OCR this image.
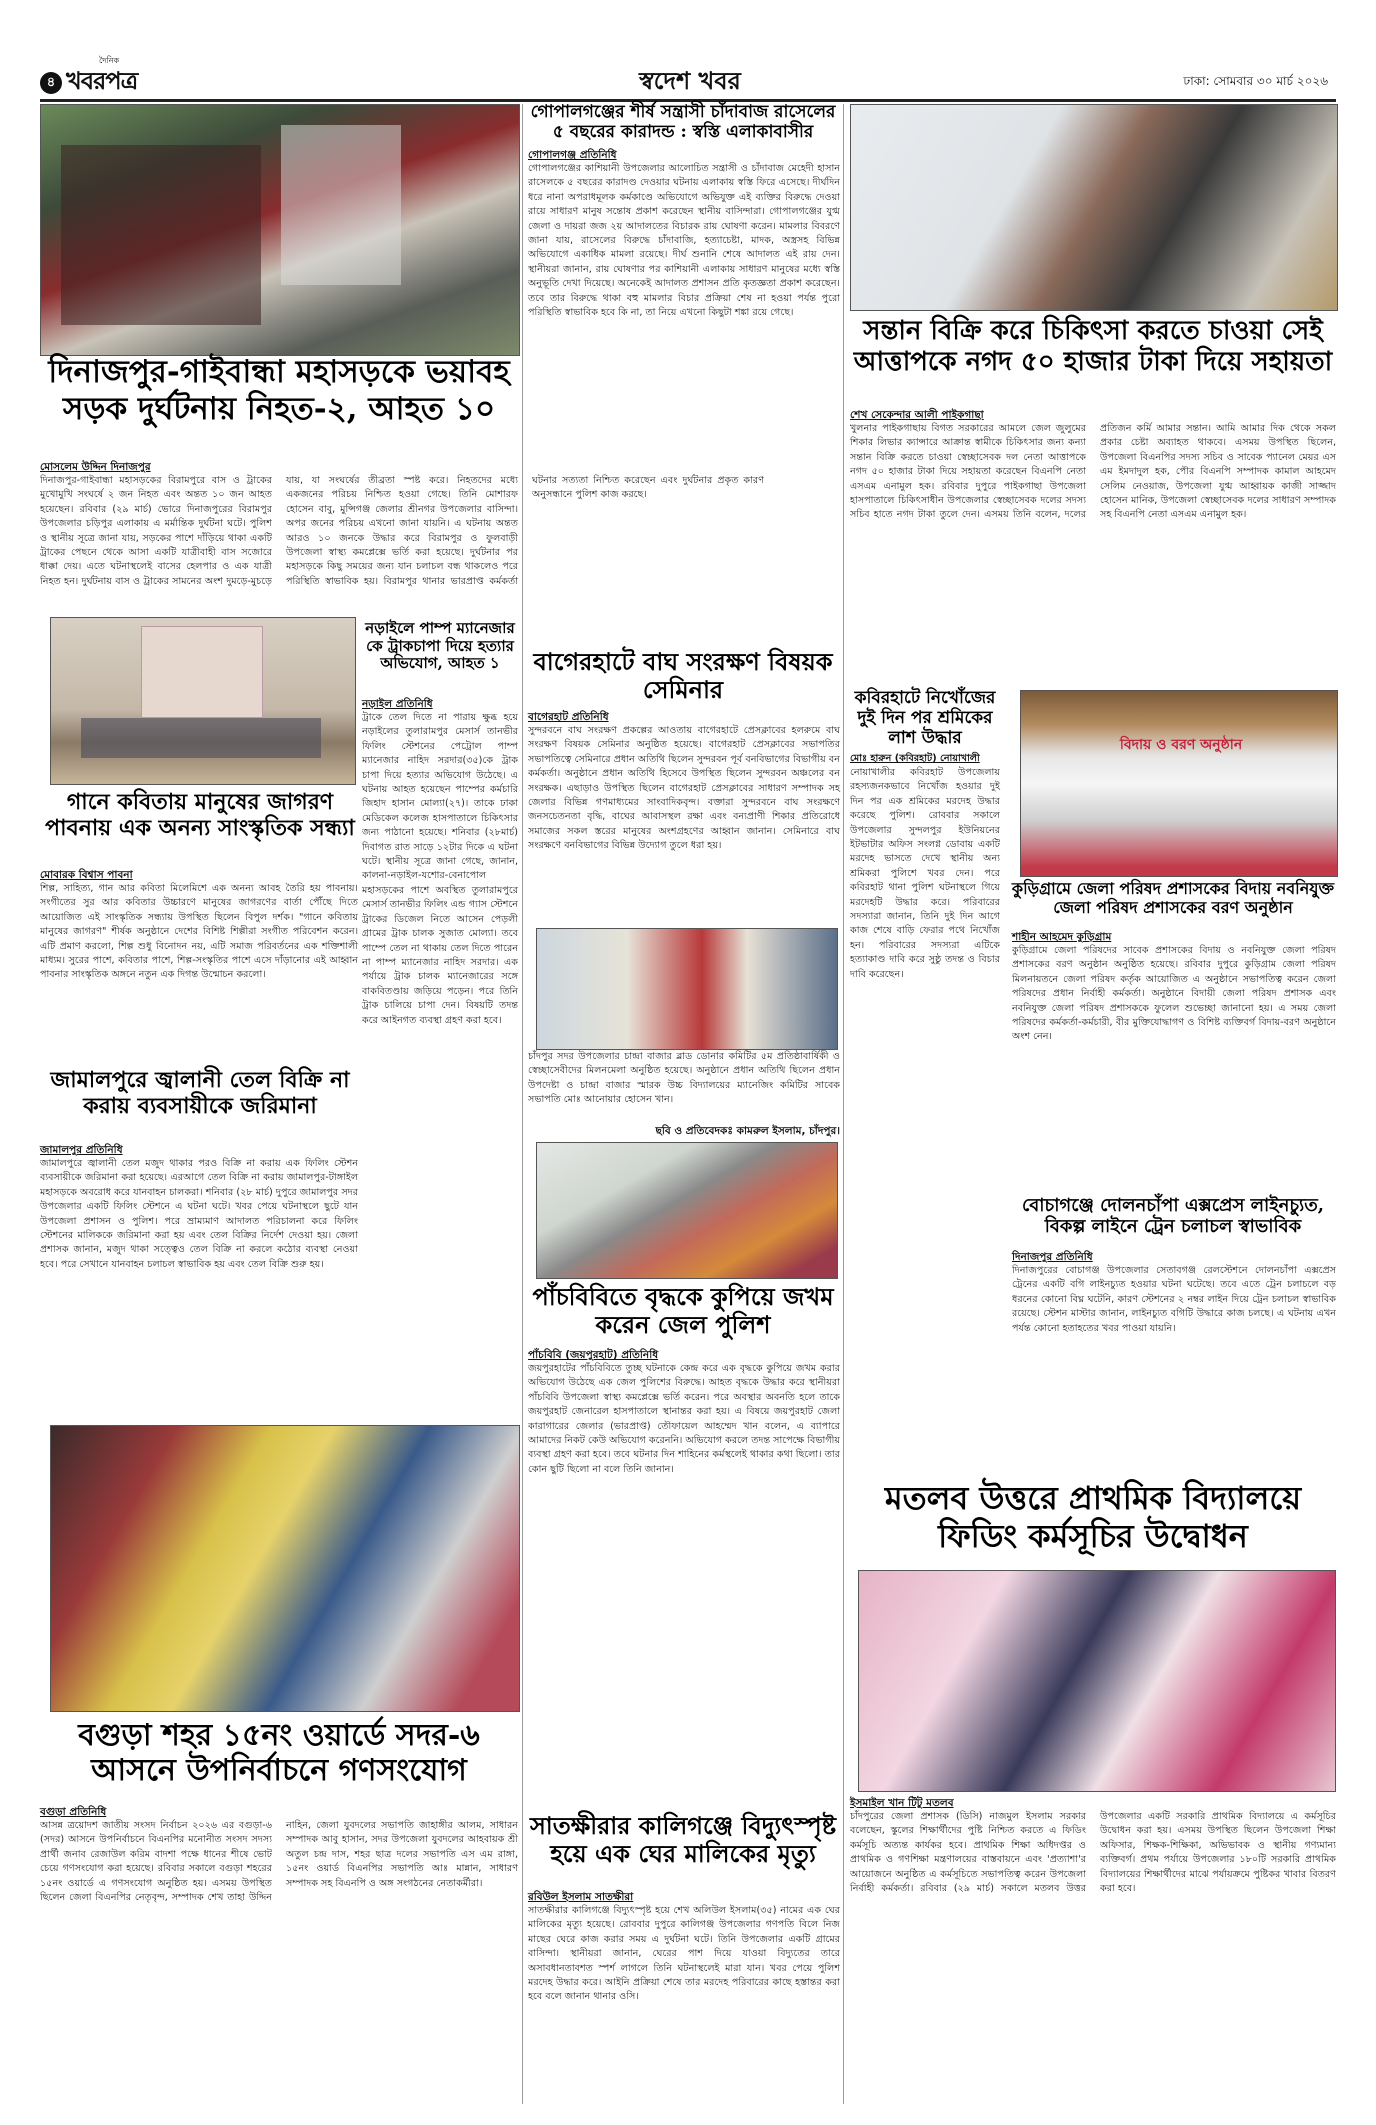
৪
দৈনিক
খবরপত্র	স্বদেশ খবর	ঢাকা: সোমবার ৩০ মার্চ ২০২৬
দিনাজপুর-গাইবান্ধা মহাসড়কে ভয়াবহ সড়ক দুর্ঘটনায় নিহত-২, আহত ১০
মোসলেম উদ্দিন দিনাজপুর
দিনাজপুর-গাইবান্ধা মহাসড়কের বিরামপুরে বাস ও ট্রাকের মুখোমুখি সংঘর্ষে ২ জন নিহত এবং অন্তত ১০ জন আহত হয়েছেন। রবিবার (২৯ মার্চ) ভোরে দিনাজপুরের বিরামপুর উপজেলার চড়িপুর এলাকায় এ মর্মান্তিক দুর্ঘটনা ঘটে। পুলিশ ও স্থানীয় সূত্রে জানা যায়, সড়কের পাশে দাঁড়িয়ে থাকা একটি ট্রাকের পেছনে থেকে আসা একটি যাত্রীবাহী বাস সজোরে ধাক্কা দেয়। এতে ঘটনাস্থলেই বাসের হেলপার ও এক যাত্রী নিহত হন। দুর্ঘটনায় বাস ও ট্রাকের সামনের অংশ দুমড়ে-মুচড়ে যায়, যা সংঘর্ষের তীব্রতা স্পষ্ট করে। নিহতদের মধ্যে একজনের পরিচয় নিশ্চিত হওয়া গেছে। তিনি মোশারফ হোসেন বাবু, মুন্সিগঞ্জ জেলার শ্রীনগর উপজেলার বাসিন্দা। অপর জনের পরিচয় এখনো জানা যায়নি। এ ঘটনায় অন্তত আরও ১০ জনকে উদ্ধার করে বিরামপুর ও ফুলবাড়ী উপজেলা স্বাস্থ্য কমপ্লেক্সে ভর্তি করা হয়েছে। দুর্ঘটনার পর মহাসড়কে কিছু সময়ের জন্য যান চলাচল বন্ধ থাকলেও পরে পরিস্থিতি স্বাভাবিক হয়। বিরামপুর থানার ভারপ্রাপ্ত কর্মকর্তা ঘটনার সত্যতা নিশ্চিত করেছেন এবং দুর্ঘটনার প্রকৃত কারণ অনুসন্ধানে পুলিশ কাজ করছে।
গানে কবিতায় মানুষের জাগরণ পাবনায় এক অনন্য সাংস্কৃতিক সন্ধ্যা
মোবারক বিশ্বাস পাবনা
শিল্প, সাহিত্য, গান আর কবিতা মিলেমিশে এক অনন্য আবহ তৈরি হয় পাবনায়। সংগীতের সুর আর কবিতার উচ্চারণে মানুষের জাগরণের বার্তা পৌঁছে দিতে আয়োজিত এই সাংস্কৃতিক সন্ধ্যায় উপস্থিত ছিলেন বিপুল দর্শক। "গানে কবিতায় মানুষের জাগরণ" শীর্ষক অনুষ্ঠানে দেশের বিশিষ্ট শিল্পীরা সংগীত পরিবেশন করেন। এটি প্রমাণ করলো, শিল্প শুধু বিনোদন নয়, এটি সমাজ পরিবর্তনের এক শক্তিশালী মাধ্যম। সুরের পাশে, কবিতার পাশে, শিল্প-সংস্কৃতির পাশে এসে দাঁড়ানোর এই আহ্বান পাবনার সাংস্কৃতিক অঙ্গনে নতুন এক দিগন্ত উন্মোচন করলো।
নড়াইলে পাম্প ম্যানেজার কে ট্রাকচাপা দিয়ে হত্যার অভিযোগ, আহত ১
নড়াইল প্রতিনিধি
ট্রাকে তেল দিতে না পারায় ক্ষুব্ধ হয়ে নড়াইলের তুলারামপুর মেসার্স তানভীর ফিলিং স্টেশনের পেট্রোল পাম্প ম্যানেজার নাহিদ সরদার(৩৫)কে ট্রাক চাপা দিয়ে হত্যার অভিযোগ উঠেছে। এ ঘটনায় আহত হয়েছেন পাম্পের কর্মচারি জিহাদ হাসান মোল্যা(২৭)। তাকে ঢাকা মেডিকেল কলেজ হাসপাতালে চিকিৎসার জন্য পাঠানো হয়েছে। শনিবার (২৮মার্চ) দিবাগত রাত সাড়ে ১২টার দিকে এ ঘটনা ঘটে। স্থানীয় সূত্রে জানা গেছে, জানান, কালনা-নড়াইল-যশোর-বেনাপোল মহাসড়কের পাশে অবস্থিত তুলারামপুরে মেসার্স তানভীর ফিলিং এন্ড গ্যাস স্টেশনে ট্রাকের ডিজেল নিতে আসেন পেড়লী গ্রামের ট্রাক চালক সুজাত মোল্যা। তবে পাম্পে তেল না থাকায় তেল দিতে পারেন না পাম্প ম্যানেজার নাহিদ সরদার। এক পর্যায়ে ট্রাক চালক ম্যানেজারের সঙ্গে বাকবিতণ্ডায় জড়িয়ে পড়েন। পরে তিনি ট্রাক চালিয়ে চাপা দেন। বিষয়টি তদন্ত করে আইনগত ব্যবস্থা গ্রহণ করা হবে।
জামালপুরে জ্বালানী তেল বিক্রি না করায় ব্যবসায়ীকে জরিমানা
জামালপুর প্রতিনিধি
জামালপুরে জ্বালানী তেল মজুদ থাকার পরও বিক্রি না করায় এক ফিলিং স্টেশন ব্যবসায়ীকে জরিমানা করা হয়েছে। এরআগে তেল বিক্রি না করায় জামালপুর-টাঙ্গাইল মহাসড়কে অবরোধ করে যানবাহন চালকরা। শনিবার (২৮ মার্চ) দুপুরে জামালপুর সদর উপজেলার একটি ফিলিং স্টেশনে এ ঘটনা ঘটে। খবর পেয়ে ঘটনাস্থলে ছুটে যান উপজেলা প্রশাসন ও পুলিশ। পরে ভ্রাম্যমাণ আদালত পরিচালনা করে ফিলিং স্টেশনের মালিককে জরিমানা করা হয় এবং তেল বিক্রির নির্দেশ দেওয়া হয়। জেলা প্রশাসক জানান, মজুদ থাকা সত্ত্বেও তেল বিক্রি না করলে কঠোর ব্যবস্থা নেওয়া হবে। পরে সেখানে যানবাহন চলাচল স্বাভাবিক হয় এবং তেল বিক্রি শুরু হয়।
বগুড়া শহর ১৫নং ওয়ার্ডে সদর-৬ আসনে উপনির্বাচনে গণসংযোগ
বগুড়া প্রতিনিধি
আসন্ন ত্রয়োদশ জাতীয় সংসদ নির্বাচন ২০২৬ এর বগুড়া-৬ (সদর) আসনে উপনির্বাচনে বিএনপির মনোনীত সংসদ সদস্য প্রার্থী জনাব রেজাউল করিম বাদশা পক্ষে ধানের শীষে ভোট চেয়ে গণসংযোগ করা হয়েছে। রবিবার সকালে বগুড়া শহরের ১৫নং ওয়ার্ডে এ গণসংযোগ অনুষ্ঠিত হয়। এসময় উপস্থিত ছিলেন জেলা বিএনপির নেতৃবৃন্দ, সম্পাদক শেখ তাহা উদ্দিন নাহিন, জেলা যুবদলের সভাপতি জাহাঙ্গীর আলম, সাধারন সম্পাদক আবু হাসান, সদর উপজেলা যুবদলের আহবায়ক শ্রী অতুল চন্দ্র দাস, শহর ছাত্র দলের সভাপতি এস এম রাঙ্গা, ১৫নং ওয়ার্ড বিএনপির সভাপতি আঃ মান্নান, সাধারণ সম্পাদক সহ বিএনপি ও অঙ্গ সংগঠনের নেতাকর্মীরা।
গোপালগঞ্জের শীর্ষ সন্ত্রাসী চাঁদাবাজ রাসেলের ৫ বছরের কারাদন্ড : স্বস্তি এলাকাবাসীর
গোপালগঞ্জ প্রতিনিধি
গোপালগঞ্জের কাশিয়ানী উপজেলার আলোচিত সন্ত্রাসী ও চাঁদাবাজ মেহেদী হাসান রাসেলকে ৫ বছরের কারাদণ্ড দেওয়ার ঘটনায় এলাকায় স্বস্তি ফিরে এসেছে। দীর্ঘদিন ধরে নানা অপরাধমূলক কর্মকাণ্ডে অভিযোগে অভিযুক্ত এই ব্যক্তির বিরুদ্ধে দেওয়া রায়ে সাধারণ মানুষ সন্তোষ প্রকাশ করেছেন স্থানীয় বাসিন্দারা। গোপালগঞ্জের যুগ্ম জেলা ও দায়রা জজ ২য় আদালতের বিচারক রায় ঘোষণা করেন। মামলার বিবরণে জানা যায়, রাসেলের বিরুদ্ধে চাঁদাবাজি, হত্যাচেষ্টা, মাদক, অস্ত্রসহ বিভিন্ন অভিযোগে একাধিক মামলা রয়েছে। দীর্ঘ শুনানি শেষে আদালত এই রায় দেন। স্থানীয়রা জানান, রায় ঘোষণার পর কাশিয়ানী এলাকায় সাধারণ মানুষের মধ্যে স্বস্তি অনুভূতি দেখা দিয়েছে। অনেকেই আদালত প্রশাসন প্রতি কৃতজ্ঞতা প্রকাশ করেছেন। তবে তার বিরুদ্ধে থাকা বহু মামলার বিচার প্রক্রিয়া শেষ না হওয়া পর্যন্ত পুরো পরিস্থিতি স্বাভাবিক হবে কি না, তা নিয়ে এখনো কিছুটা শঙ্কা রয়ে গেছে।
বাগেরহাটে বাঘ সংরক্ষণ বিষয়ক সেমিনার
বাগেরহাট প্রতিনিধি
সুন্দরবনে বাঘ সংরক্ষণ প্রকল্পের আওতায় বাগেরহাটে প্রেসক্লাবের হলরুমে বাঘ সংরক্ষণ বিষয়ক সেমিনার অনুষ্ঠিত হয়েছে। বাগেরহাট প্রেসক্লাবের সভাপতির সভাপতিত্বে সেমিনারে প্রধান অতিথি ছিলেন সুন্দরবন পূর্ব বনবিভাগের বিভাগীয় বন কর্মকর্তা। অনুষ্ঠানে প্রধান অতিথি হিসেবে উপস্থিত ছিলেন সুন্দরবন অঞ্চলের বন সংরক্ষক। এছাড়াও উপস্থিত ছিলেন বাগেরহাট প্রেসক্লাবের সাধারণ সম্পাদক সহ জেলার বিভিন্ন গণমাধ্যমের সাংবাদিকবৃন্দ। বক্তারা সুন্দরবনে বাঘ সংরক্ষণে জনসচেতনতা বৃদ্ধি, বাঘের আবাসস্থল রক্ষা এবং বন্যপ্রাণী শিকার প্রতিরোধে সমাজের সকল স্তরের মানুষের অংশগ্রহণের আহ্বান জানান। সেমিনারে বাঘ সংরক্ষণে বনবিভাগের বিভিন্ন উদ্যোগ তুলে ধরা হয়।
চাঁদপুর সদর উপজেলার চান্দ্রা বাজার ব্লাড ডোনার কমিটির ৫ম প্রতিষ্ঠাবার্ষিকী ও স্বেচ্ছাসেবীদের মিলনমেলা অনুষ্ঠিত হয়েছে। অনুষ্ঠানে প্রধান অতিথি ছিলেন প্রধান উপদেষ্টা ও চান্দ্রা বাজার স্মারক উচ্চ বিদ্যালয়ের ম্যানেজিং কমিটির সাবেক সভাপতি মোঃ আনোয়ার হোসেন খান।
ছবি ও প্রতিবেদকঃ কামরুল ইসলাম, চাঁদপুর।
পাঁচবিবিতে বৃদ্ধকে কুপিয়ে জখম করেন জেল পুলিশ
পাঁচবিবি (জয়পুরহাট) প্রতিনিধি
জয়পুরহাটের পাঁচবিবিতে তুচ্ছ ঘটনাকে কেন্দ্র করে এক বৃদ্ধকে কুপিয়ে জখম করার অভিযোগ উঠেছে এক জেল পুলিশের বিরুদ্ধে। আহত বৃদ্ধকে উদ্ধার করে স্থানীয়রা পাঁচবিবি উপজেলা স্বাস্থ্য কমপ্লেক্সে ভর্তি করেন। পরে অবস্থার অবনতি হলে তাকে জয়পুরহাট জেনারেল হাসপাতালে স্থানান্তর করা হয়। এ বিষয়ে জয়পুরহাট জেলা কারাগারের জেলার (ভারপ্রাপ্ত) তৌফায়েল আহম্মেদ খান বলেন, এ ব্যাপারে আমাদের নিকট কেউ অভিযোগ করেননি। অভিযোগ করলে তদন্ত সাপেক্ষে বিভাগীয় ব্যবস্থা গ্রহণ করা হবে। তবে ঘটনার দিন শাহিনের কর্মস্থলেই থাকার কথা ছিলো। তার কোন ছুটি ছিলো না বলে তিনি জানান।
সাতক্ষীরার কালিগঞ্জে বিদ্যুৎস্পৃষ্ট হয়ে এক ঘের মালিকের মৃত্যু
রবিউল ইসলাম সাতক্ষীরা
সাতক্ষীরার কালিগঞ্জে বিদ্যুৎস্পৃষ্ট হয়ে শেখ অলিউল ইসলাম(৩৫) নামের এক ঘের মালিকের মৃত্যু হয়েছে। রোববার দুপুরে কালিগঞ্জ উপজেলার গণপতি বিলে নিজ মাছের ঘেরে কাজ করার সময় এ দুর্ঘটনা ঘটে। তিনি উপজেলার একটি গ্রামের বাসিন্দা। স্থানীয়রা জানান, ঘেরের পাশ দিয়ে যাওয়া বিদ্যুতের তারে অসাবধানতাবশত স্পর্শ লাগলে তিনি ঘটনাস্থলেই মারা যান। খবর পেয়ে পুলিশ মরদেহ উদ্ধার করে। আইনি প্রক্রিয়া শেষে তার মরদেহ পরিবারের কাছে হস্তান্তর করা হবে বলে জানান থানার ওসি।
সন্তান বিক্রি করে চিকিৎসা করতে চাওয়া সেই আত্তাপকে নগদ ৫০ হাজার টাকা দিয়ে সহায়তা
শেখ সেকেন্দার আলী পাইকগাছা
খুলনার পাইকগাছায় বিগত সরকারের আমলে জেল জুলুমের শিকার লিভার ক্যান্সারে আক্রান্ত স্বামীকে চিকিৎসার জন্য কন্যা সন্তান বিক্রি করতে চাওয়া স্বেচ্ছাসেবক দল নেতা আত্তাপকে নগদ ৫০ হাজার টাকা দিয়ে সহায়তা করেছেন বিএনপি নেতা এসএম এনামুল হক। রবিবার দুপুরে পাইকগাছা উপজেলা হাসপাতালে চিকিৎসাধীন উপজেলার স্বেচ্ছাসেবক দলের সদস্য সচিব হাতে নগদ টাকা তুলে দেন। এসময় তিনি বলেন, দলের প্রতিজন কর্মি আমার সন্তান। আমি আমার দিক থেকে সকল প্রকার চেষ্টা অব্যাহত থাকবে। এসময় উপস্থিত ছিলেন, উপজেলা বিএনপির সদস্য সচিব ও সাবেক প্যানেল মেয়র এস এম ইমদাদুল হক, পৌর বিএনপি সম্পাদক কামাল আহমেদ সেলিম নেওয়াজ, উপজেলা যুগ্ম আহ্বায়ক কাজী সাজ্জাদ হোসেন মানিক, উপজেলা স্বেচ্ছাসেবক দলের সাধারণ সম্পাদক সহ বিএনপি নেতা এসএম এনামুল হক।
কবিরহাটে নিখোঁজের দুই দিন পর শ্রমিকের লাশ উদ্ধার
মোঃ হারুন (কবিরহাট) নোয়াখালী
নোয়াখালীর কবিরহাট উপজেলায় রহস্যজনকভাবে নিখোঁজ হওয়ার দুই দিন পর এক শ্রমিকের মরদেহ উদ্ধার করেছে পুলিশ। রোববার সকালে উপজেলার সুন্দলপুর ইউনিয়নের ইটভাটার অফিস সংলগ্ন ডোবায় একটি মরদেহ ভাসতে দেখে স্থানীয় অন্য শ্রমিকরা পুলিশে খবর দেন। পরে কবিরহাট থানা পুলিশ ঘটনাস্থলে গিয়ে মরদেহটি উদ্ধার করে। পরিবারের সদস্যারা জানান, তিনি দুই দিন আগে কাজ শেষে বাড়ি ফেরার পথে নিখোঁজ হন। পরিবারের সদস্যরা এটিকে হত্যাকাণ্ড দাবি করে সুষ্ঠু তদন্ত ও বিচার দাবি করেছেন।
বিদায় ও বরণ অনুষ্ঠান
কুড়িগ্রামে জেলা পরিষদ প্রশাসকের বিদায় নবনিযুক্ত জেলা পরিষদ প্রশাসকের বরণ অনুষ্ঠান
শাহীন আহমেদ কুড়িগ্রাম
কুড়িগ্রামে জেলা পরিষদের সাবেক প্রশাসকের বিদায় ও নবনিযুক্ত জেলা পরিষদ প্রশাসকের বরণ অনুষ্ঠান অনুষ্ঠিত হয়েছে। রবিবার দুপুরে কুড়িগ্রাম জেলা পরিষদ মিলনায়তনে জেলা পরিষদ কর্তৃক আয়োজিত এ অনুষ্ঠানে সভাপতিত্ব করেন জেলা পরিষদের প্রধান নির্বাহী কর্মকর্তা। অনুষ্ঠানে বিদায়ী জেলা পরিষদ প্রশাসক এবং নবনিযুক্ত জেলা পরিষদ প্রশাসককে ফুলেল শুভেচ্ছা জানানো হয়। এ সময় জেলা পরিষদের কর্মকর্তা-কর্মচারী, বীর মুক্তিযোদ্ধাগণ ও বিশিষ্ট ব্যক্তিবর্গ বিদায়-বরণ অনুষ্ঠানে অংশ নেন।
বোচাগঞ্জে দোলনচাঁপা এক্সপ্রেস লাইনচ্যুত, বিকল্প লাইনে ট্রেন চলাচল স্বাভাবিক
দিনাজপুর প্রতিনিধি
দিনাজপুরের বোচাগঞ্জ উপজেলার সেতাবগঞ্জ রেলস্টেশনে দোলনচাঁপা এক্সপ্রেস ট্রেনের একটি বগি লাইনচ্যুত হওয়ার ঘটনা ঘটেছে। তবে এতে ট্রেন চলাচলে বড় ধরনের কোনো বিঘ্ন ঘটেনি, কারণ স্টেশনের ২ নম্বর লাইন দিয়ে ট্রেন চলাচল স্বাভাবিক রয়েছে। স্টেশন মাস্টার জানান, লাইনচ্যুত বগিটি উদ্ধারে কাজ চলছে। এ ঘটনায় এখন পর্যন্ত কোনো হতাহতের খবর পাওয়া যায়নি।
মতলব উত্তরে প্রাথমিক বিদ্যালয়ে ফিডিং কর্মসূচির উদ্বোধন
ইসমাইল খান টিটু মতলব
চাঁদপুরের জেলা প্রশাসক (ডিসি) নাজমুল ইসলাম সরকার বলেছেন, স্কুলের শিক্ষার্থীদের পুষ্টি নিশ্চিত করতে এ ফিডিং কর্মসূচি অত্যন্ত কার্যকর হবে। প্রাথমিক শিক্ষা অধিদপ্তর ও প্রাথমিক ও গণশিক্ষা মন্ত্রণালয়ের বাস্তবায়নে এবং 'প্রত্যাশা'র আয়োজনে অনুষ্ঠিত এ কর্মসূচিতে সভাপতিত্ব করেন উপজেলা নির্বাহী কর্মকর্তা। রবিবার (২৯ মার্চ) সকালে মতলব উত্তর উপজেলার একটি সরকারি প্রাথমিক বিদ্যালয়ে এ কর্মসূচির উদ্বোধন করা হয়। এসময় উপস্থিত ছিলেন উপজেলা শিক্ষা অফিসার, শিক্ষক-শিক্ষিকা, অভিভাবক ও স্থানীয় গণ্যমান্য ব্যক্তিবর্গ। প্রথম পর্যায়ে উপজেলার ১৮০টি সরকারি প্রাথমিক বিদ্যালয়ের শিক্ষার্থীদের মাঝে পর্যায়ক্রমে পুষ্টিকর খাবার বিতরণ করা হবে।
